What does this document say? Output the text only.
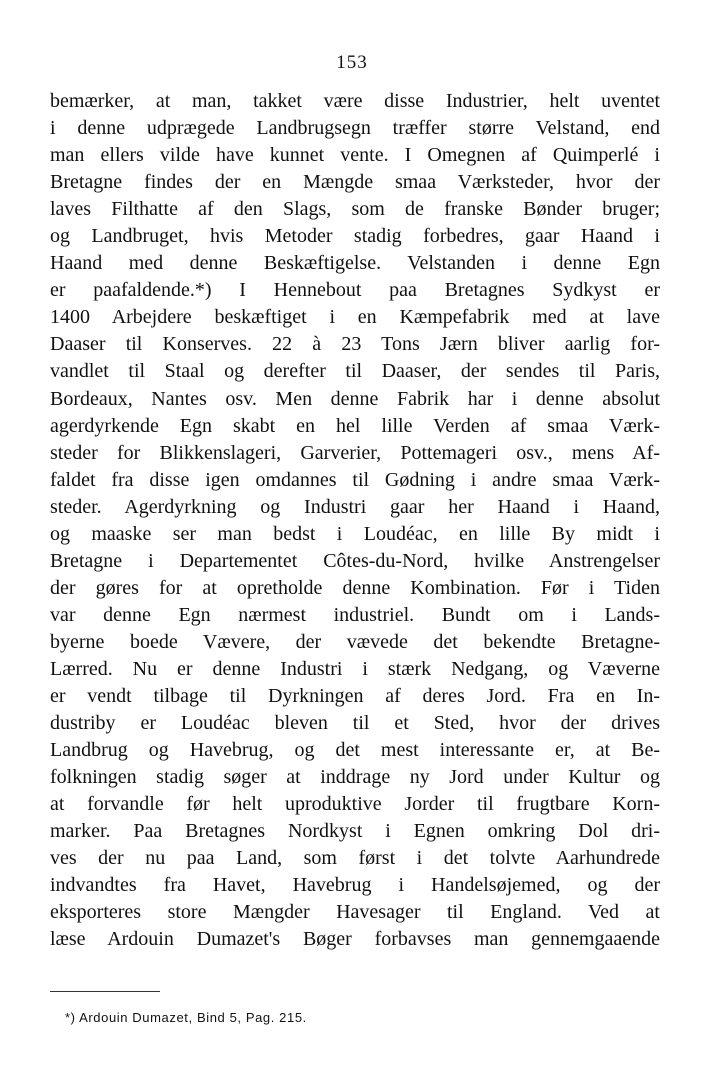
153
bemærker, at man, takket være disse Industrier, helt uventet
i denne udprægede Landbrugsegn træffer større Velstand, end
man ellers vilde have kunnet vente. I Omegnen af Quimperlé i
Bretagne findes der en Mængde smaa Værksteder, hvor der
laves Filthatte af den Slags, som de franske Bønder bruger;
og Landbruget, hvis Metoder stadig forbedres, gaar Haand i
Haand med denne Beskæftigelse. Velstanden i denne Egn
er paafaldende.*) I Hennebout paa Bretagnes Sydkyst er
1400 Arbejdere beskæftiget i en Kæmpefabrik med at lave
Daaser til Konserves. 22 à 23 Tons Jærn bliver aarlig for-
vandlet til Staal og derefter til Daaser, der sendes til Paris,
Bordeaux, Nantes osv. Men denne Fabrik har i denne absolut
agerdyrkende Egn skabt en hel lille Verden af smaa Værk-
steder for Blikkenslageri, Garverier, Pottemageri osv., mens Af-
faldet fra disse igen omdannes til Gødning i andre smaa Værk-
steder. Agerdyrkning og Industri gaar her Haand i Haand,
og maaske ser man bedst i Loudéac, en lille By midt i
Bretagne i Departementet Côtes-du-Nord, hvilke Anstrengelser
der gøres for at opretholde denne Kombination. Før i Tiden
var denne Egn nærmest industriel. Bundt om i Lands-
byerne boede Vævere, der vævede det bekendte Bretagne-
Lærred. Nu er denne Industri i stærk Nedgang, og Væverne
er vendt tilbage til Dyrkningen af deres Jord. Fra en In-
dustriby er Loudéac bleven til et Sted, hvor der drives
Landbrug og Havebrug, og det mest interessante er, at Be-
folkningen stadig søger at inddrage ny Jord under Kultur og
at forvandle før helt uproduktive Jorder til frugtbare Korn-
marker. Paa Bretagnes Nordkyst i Egnen omkring Dol dri-
ves der nu paa Land, som først i det tolvte Aarhundrede
indvandtes fra Havet, Havebrug i Handelsøjemed, og der
eksporteres store Mængder Havesager til England. Ved at
læse Ardouin Dumazet's Bøger forbavses man gennemgaaende
*) Ardouin Dumazet, Bind 5, Pag. 215.
